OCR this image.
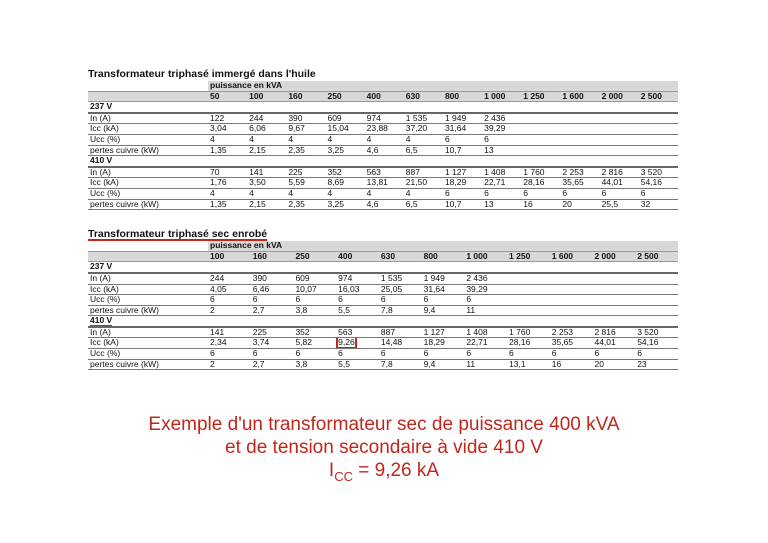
Transformateur triphasé immergé dans l'huile

	puissance en kVA											
	50	100	160	250	400	630	800	1 000	1 250	1 600	2 000	2 500
237 V												
In (A)	122	244	390	609	974	1 535	1 949	2 436				
Icc (kA)	3,04	6,06	9,67	15,04	23,88	37,20	31,64	39,29				
Ucc (%)	4	4	4	4	4	4	6	6				
pertes cuivre (kW)	1,35	2,15	2,35	3,25	4,6	6,5	10,7	13				
410 V												
In (A)	70	141	225	352	563	887	1 127	1 408	1 760	2 253	2 816	3 520
Icc (kA)	1,76	3,50	5,59	8,69	13,81	21,50	18,29	22,71	28,16	35,65	44,01	54,16
Ucc (%)	4	4	4	4	4	4	6	6	6	6	6	6
pertes cuivre (kW)	1,35	2,15	2,35	3,25	4,6	6,5	10,7	13	16	20	25,5	32

Transformateur triphasé sec enrobé

	puissance en kVA										
	100	160	250	400	630	800	1 000	1 250	1 600	2 000	2 500
237 V											
In (A)	244	390	609	974	1 535	1 949	2 436				
Icc (kA)	4,05	6,46	10,07	16,03	25,05	31,64	39,29				
Ucc (%)	6	6	6	6	6	6	6				
pertes cuivre (kW)	2	2,7	3,8	5,5	7,8	9,4	11				
410 V											
In (A)	141	225	352	563	887	1 127	1 408	1 760	2 253	2 816	3 520
Icc (kA)	2,34	3,74	5,82	9,26	14,48	18,29	22,71	28,16	35,65	44,01	54,16
Ucc (%)	6	6	6	6	6	6	6	6	6	6	6
pertes cuivre (kW)	2	2,7	3,8	5,5	7,8	9,4	11	13,1	16	20	23
Exemple d'un transformateur sec de puissance 400 kVA
et de tension secondaire à vide 410 V
$I_{CC} = 9,26$ kA
